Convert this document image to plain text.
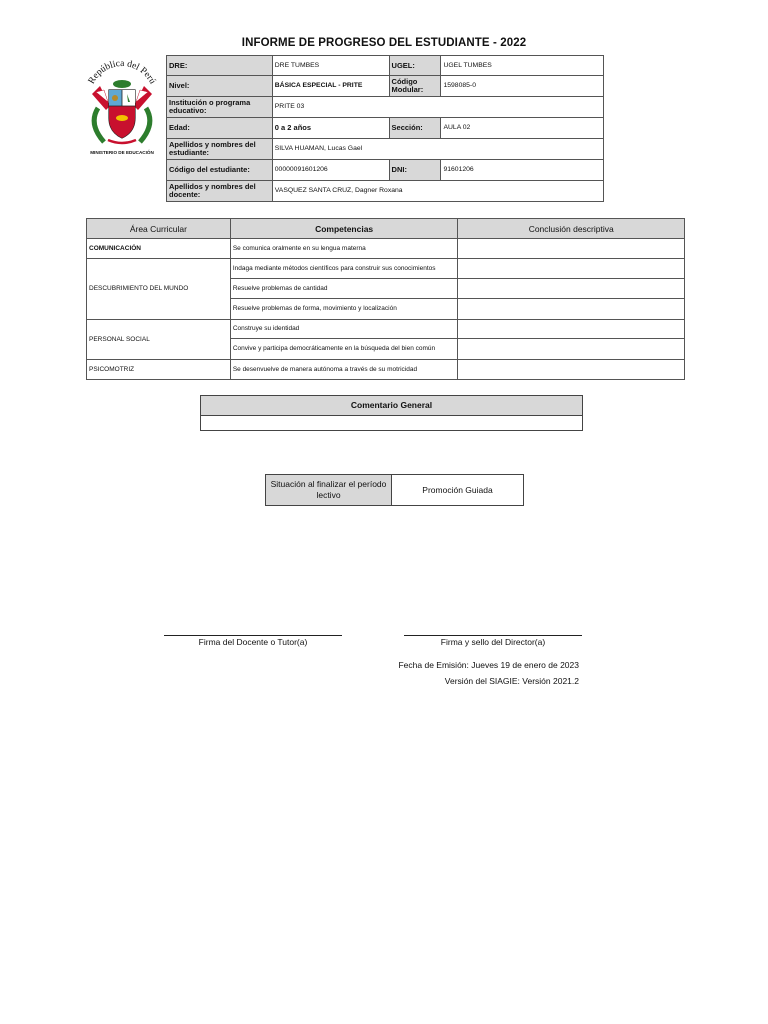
INFORME DE PROGRESO DEL ESTUDIANTE - 2022
República del Perú
MINISTERIO DE EDUCACIÓN
DRE:	DRE TUMBES	UGEL:	UGEL TUMBES
Nivel:	BÁSICA ESPECIAL - PRITE	Código Modular:	1598085-0
Institución o programa educativo:	PRITE 03		
Edad:	0 a 2 años	Sección:	AULA 02
Apellidos y nombres del estudiante:	SILVA HUAMAN, Lucas Gael		
Código del estudiante:	00000091601206	DNI:	91601206
Apellidos y nombres del docente:	VASQUEZ SANTA CRUZ, Dagner Roxana		
Área Curricular	Competencias	Conclusión descriptiva
COMUNICACIÓN	Se comunica oralmente en su lengua materna	
DESCUBRIMIENTO DEL MUNDO	Indaga mediante métodos científicos para construir sus conocimientos	
	Resuelve problemas de cantidad	
	Resuelve problemas de forma, movimiento y localización	
PERSONAL SOCIAL	Construye su identidad	
	Convive y participa democráticamente en la búsqueda del bien común	
PSICOMOTRIZ	Se desenvuelve de manera autónoma a través de su motricidad	
Comentario General
Situación al finalizar el período lectivo	Promoción Guiada
Firma del Docente o Tutor(a)	Firma y sello del Director(a)
Fecha de Emisión: Jueves 19 de enero de 2023
Versión del SIAGIE: Versión 2021.2
